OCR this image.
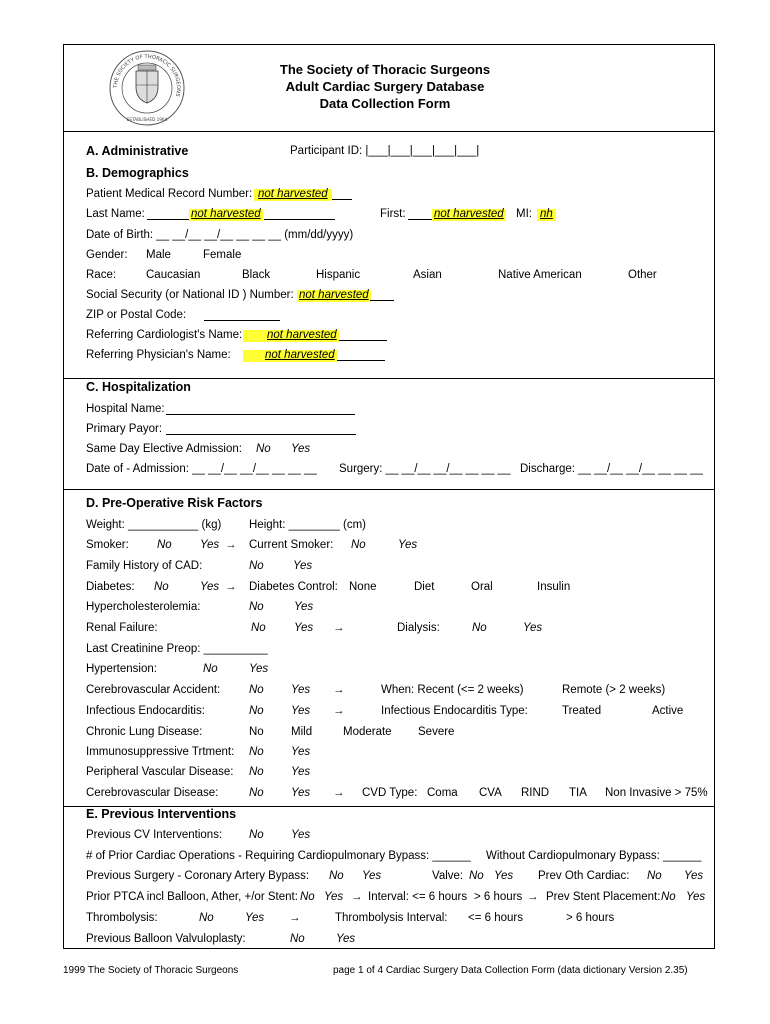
THE SOCIETY OF THORACIC SURGEONS
ESTABLISHED 1964
The Society of Thoracic Surgeons
Adult Cardiac Surgery Database
Data Collection Form
A. Administrative	Participant ID: |___|___|___|___|___|
B. Demographics
Patient Medical Record Number: not harvested
Last Name:	not harvested	First: not harvested MI: nh
Date of Birth: __ __/__ __/__ __ __ __ (mm/dd/yyyy)
Gender: Male	Female
Race:	Caucasian	Black	Hispanic	Asian	Native American	Other
Social Security (or National ID ) Number: not harvested
ZIP or Postal Code:
Referring Cardiologist's Name:	not harvested
Referring Physician's Name:	not harvested
C. Hospitalization
Hospital Name:
Primary Payor:
Same Day Elective Admission: No Yes
Date of - Admission: __ __/__ __/__ __ __ __ Surgery: __ __/__ __/__ __ __ __ Discharge: __ __/__ __/__ __ __ __
D. Pre-Operative Risk Factors
Weight: ___________ (kg) Height: ________ (cm)
Smoker: No Yes → Current Smoker: No	Yes
Family History of CAD:	No	Yes
Diabetes: No	Yes → Diabetes Control: None	Diet	Oral	Insulin
Hypercholesterolemia:	No	Yes
Renal Failure:	No Yes →	Dialysis:	No	Yes
Last Creatinine Preop: __________
Hypertension:	No	Yes
Cerebrovascular Accident:	No Yes →	When: Recent (<= 2 weeks)	Remote (> 2 weeks)
Infectious Endocarditis:	No Yes →	Infectious Endocarditis Type:	Treated	Active
Chronic Lung Disease:	No Mild	Moderate Severe
Immunosuppressive Trtment: No Yes
Peripheral Vascular Disease: No Yes
Cerebrovascular Disease:	No Yes → CVD Type: Coma CVA RIND TIA Non Invasive > 75%
E. Previous Interventions
Previous CV Interventions: No Yes
# of Prior Cardiac Operations - Requiring Cardiopulmonary Bypass: ______ Without Cardiopulmonary Bypass: ______
Previous Surgery - Coronary Artery Bypass: No Yes	Valve: No Yes Prev Oth Cardiac: No Yes
Prior PTCA incl Balloon, Ather, +/or Stent: No Yes → Interval: <= 6 hours > 6 hours → Prev Stent Placement: No Yes
Thrombolysis:	No	Yes →	Thrombolysis Interval: <= 6 hours	> 6 hours
Previous Balloon Valvuloplasty:	No	Yes
1999 The Society of Thoracic Surgeons	page 1 of 4 Cardiac Surgery Data Collection Form (data dictionary Version 2.35)
